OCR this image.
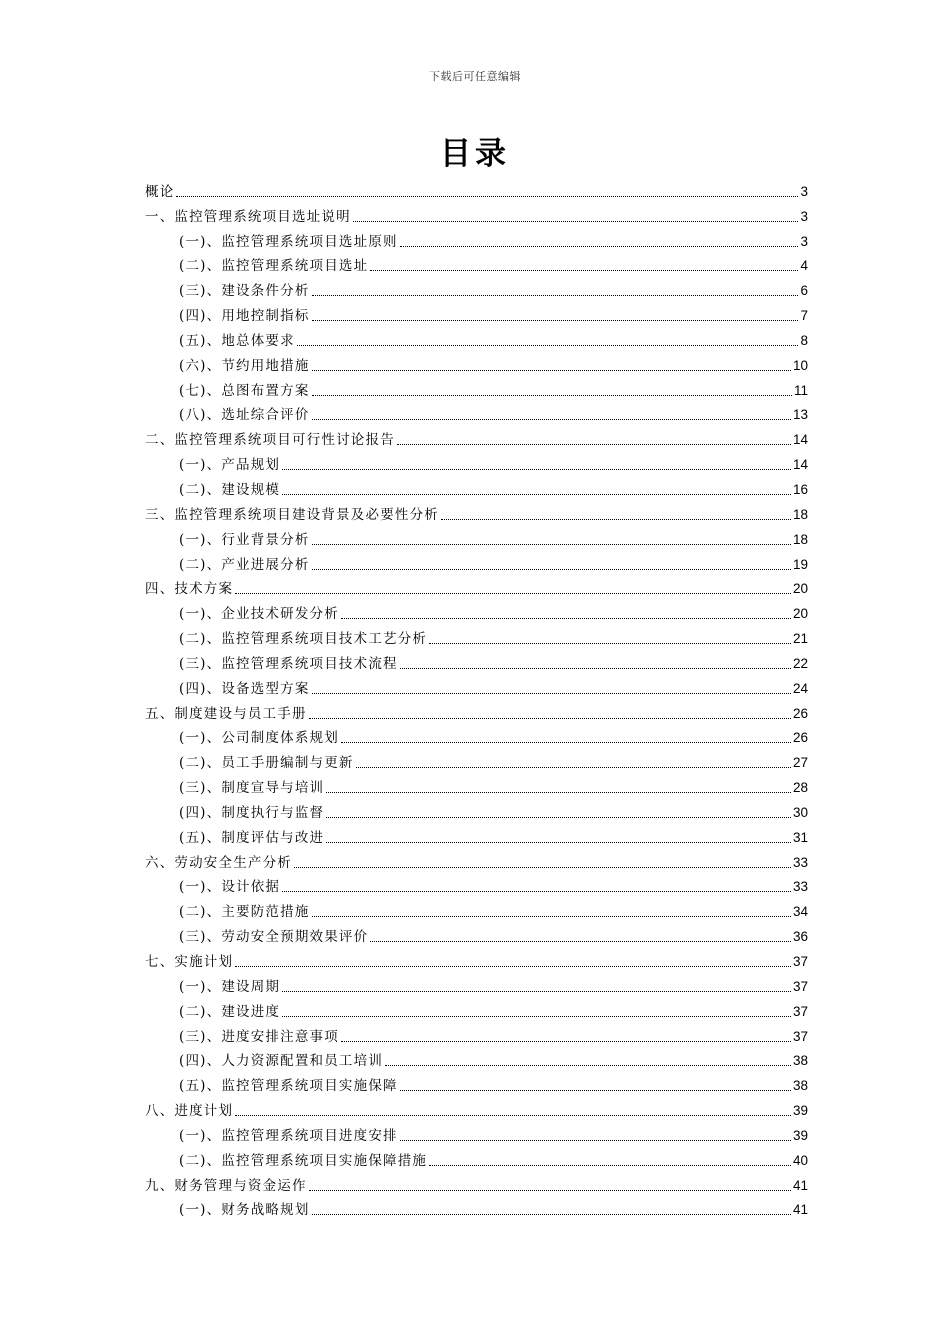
下载后可任意编辑
目录
概论	3
一、监控管理系统项目选址说明	3
(一)、监控管理系统项目选址原则	3
(二)、监控管理系统项目选址	4
(三)、建设条件分析	6
(四)、用地控制指标	7
(五)、地总体要求	8
(六)、节约用地措施	10
(七)、总图布置方案	11
(八)、选址综合评价	13
二、监控管理系统项目可行性讨论报告	14
(一)、产品规划	14
(二)、建设规模	16
三、监控管理系统项目建设背景及必要性分析	18
(一)、行业背景分析	18
(二)、产业进展分析	19
四、技术方案	20
(一)、企业技术研发分析	20
(二)、监控管理系统项目技术工艺分析	21
(三)、监控管理系统项目技术流程	22
(四)、设备选型方案	24
五、制度建设与员工手册	26
(一)、公司制度体系规划	26
(二)、员工手册编制与更新	27
(三)、制度宣导与培训	28
(四)、制度执行与监督	30
(五)、制度评估与改进	31
六、劳动安全生产分析	33
(一)、设计依据	33
(二)、主要防范措施	34
(三)、劳动安全预期效果评价	36
七、实施计划	37
(一)、建设周期	37
(二)、建设进度	37
(三)、进度安排注意事项	37
(四)、人力资源配置和员工培训	38
(五)、监控管理系统项目实施保障	38
八、进度计划	39
(一)、监控管理系统项目进度安排	39
(二)、监控管理系统项目实施保障措施	40
九、财务管理与资金运作	41
(一)、财务战略规划	41
